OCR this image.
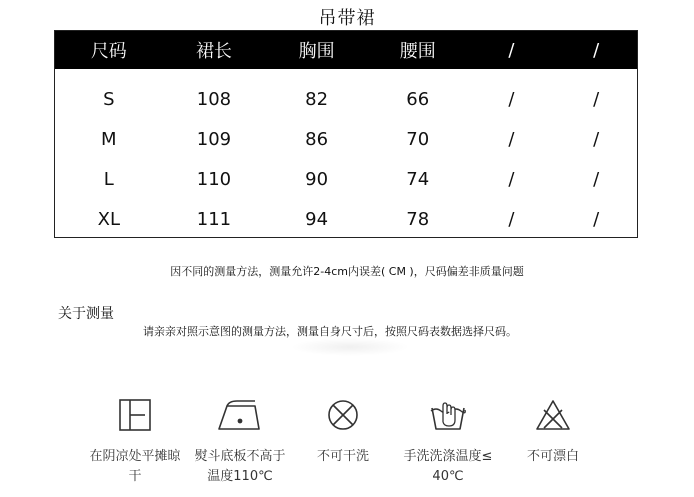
吊带裙
尺码	裙长	胸围	腰围	/	/
S	108	82	66	/	/
M	109	86	70	/	/
L	110	90	74	/	/
XL	111	94	78	/	/
因不同的测量方法，测量允许2-4cm内误差( CM )，尺码偏差非质量问题
关于测量
请亲亲对照示意图的测量方法，测量自身尺寸后，按照尺码表数据选择尺码。
在阴凉处平摊晾
干
熨斗底板不高于
温度110℃
不可干洗	手洗洗涤温度≤
40℃
不可漂白
